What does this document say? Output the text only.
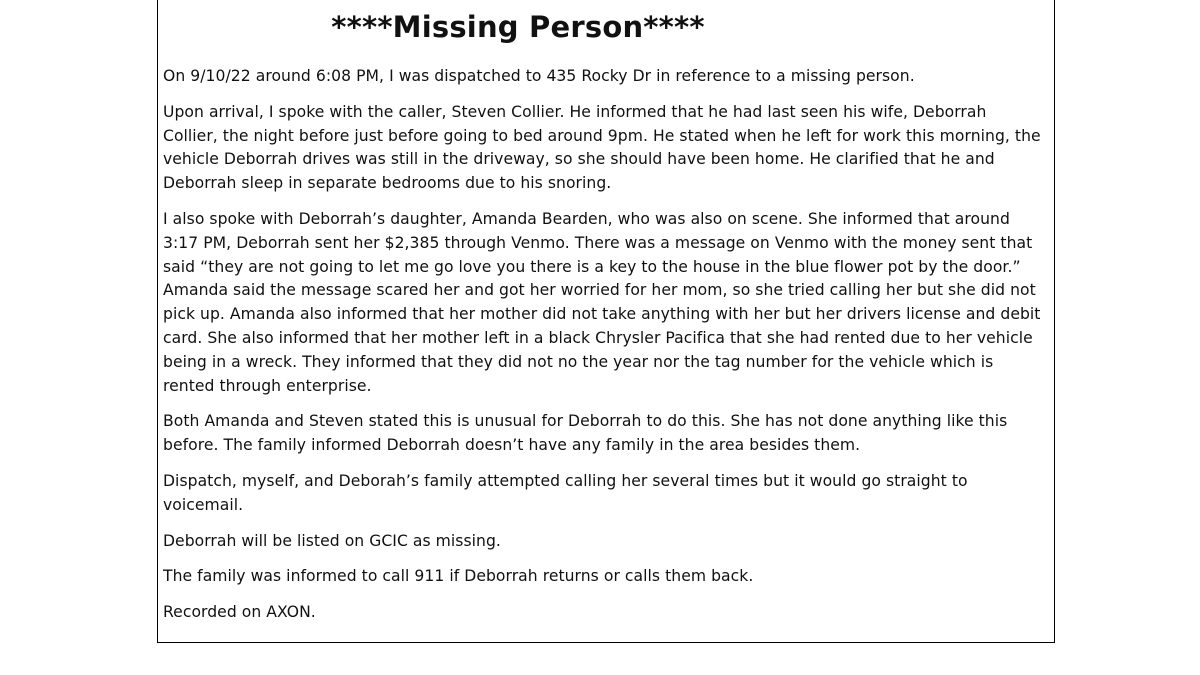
****Missing Person****

On 9/10/22 around 6:08 PM, I was dispatched to 435 Rocky Dr in reference to a missing person.

Upon arrival, I spoke with the caller, Steven Collier. He informed that he had last seen his wife, Deborrah Collier, the night before just before going to bed around 9pm. He stated when he left for work this morning, the vehicle Deborrah drives was still in the driveway, so she should have been home. He clarified that he and Deborrah sleep in separate bedrooms due to his snoring.

I also spoke with Deborrah’s daughter, Amanda Bearden, who was also on scene. She informed that around 3:17 PM, Deborrah sent her $2,385 through Venmo. There was a message on Venmo with the money sent that said “they are not going to let me go love you there is a key to the house in the blue flower pot by the door.” Amanda said the message scared her and got her worried for her mom, so she tried calling her but she did not pick up. Amanda also informed that her mother did not take anything with her but her drivers license and debit card. She also informed that her mother left in a black Chrysler Pacifica that she had rented due to her vehicle being in a wreck. They informed that they did not no the year nor the tag number for the vehicle which is rented through enterprise.

Both Amanda and Steven stated this is unusual for Deborrah to do this. She has not done anything like this before. The family informed Deborrah doesn’t have any family in the area besides them.

Dispatch, myself, and Deborah’s family attempted calling her several times but it would go straight to voicemail.

Deborrah will be listed on GCIC as missing.

The family was informed to call 911 if Deborrah returns or calls them back.

Recorded on AXON.
